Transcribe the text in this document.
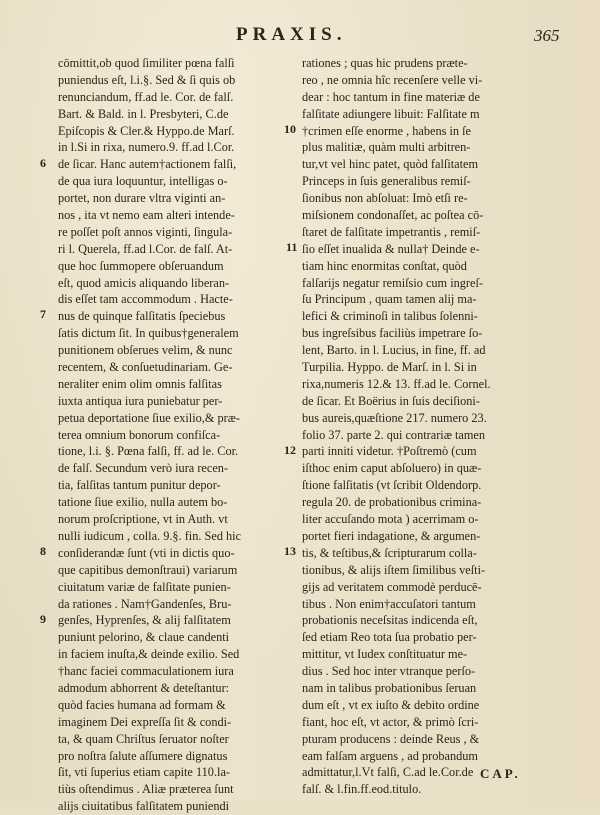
PRAXIS.	365
cōmittit,ob quod ſimiliter pœna falſi
puniendus eſt, l.i.§. Sed & ſi quis ob
renunciandum, ff.ad le. Cor. de falſ.
Bart. & Bald. in l. Presbyteri, C.de
Epiſcopis & Cler.& Hyppo.de Marſ.
in l.Si in rixa, numero.9. ff.ad l.Cor.
de ſicar. Hanc autem†actionem falſi,
de qua iura loquuntur, intelligas o-
portet, non durare vltra viginti an-
nos , ita vt nemo eam alteri intende-
re poſſet poſt annos viginti, ſingula-
ri l. Querela, ff.ad l.Cor. de falſ. At-
que hoc ſummopere obſeruandum
eſt, quod amicis aliquando liberan-
dis eſſet tam accommodum . Hacte-
nus de quinque falſitatis ſpeciebus
ſatis dictum ſit. In quibus†generalem
punitionem obſerues velim, & nunc
recentem, & conſuetudinariam. Ge-
neraliter enim olim omnis falſitas
iuxta antiqua iura puniebatur per-
petua deportatione ſiue exilio,& præ-
terea omnium bonorum confiſca-
tione, l.i. §. Pœna falſi, ff. ad le. Cor.
de falſ. Secundum verò iura recen-
tia, falſitas tantum punitur depor-
tatione ſiue exilio, nulla autem bo-
norum proſcriptione, vt in Auth. vt
nulli iudicum , colla. 9.§. fin. Sed hic
conſiderandæ ſunt (vti in dictis quo-
que capitibus demonſtraui) variarum
ciuitatum variæ de falſitate punien-
da rationes . Nam†Gandenſes, Bru-
genſes, Hyprenſes, & alij falſitatem
puniunt pelorino, & claue candenti
in faciem inuſta,& deinde exilio. Sed
†hanc faciei commaculationem iura
admodum abhorrent & deteſtantur:
quòd facies humana ad formam &
imaginem Dei expreſſa ſit & condi-
ta, & quam Chriſtus ſeruator noſter
pro noſtra ſalute aſſumere dignatus
ſit, vti ſuperius etiam capite 110.la-
tiùs oſtendimus . Aliæ præterea ſunt
alijs ciuitatibus falſitatem puniendi
rationes ; quas hic prudens præte-
reo , ne omnia hîc recenſere velle vi-
dear : hoc tantum in fine materiæ de
falſitate adiungere libuit: Falſitate m
†crimen eſſe enorme , habens in ſe
plus malitiæ, quàm multi arbitren-
tur,vt vel hinc patet, quòd falſitatem
Princeps in ſuis generalibus remiſ-
ſionibus non abſoluat: Imò etſi re-
miſsionem condonaſſet, ac poſtea cō-
ſtaret de falſitate impetrantis , remiſ-
ſio eſſet inualida & nulla† Deinde e-
tiam hinc enormitas conſtat, quòd
falſarijs negatur remiſsio cum ingreſ-
ſu Principum , quam tamen alij ma-
lefici & criminoſi in talibus ſolenni-
bus ingreſsibus faciliùs impetrare ſo-
lent, Barto. in l. Lucius, in fine, ff. ad
Turpilia. Hyppo. de Marſ. in l. Si in
rixa,numeris 12.& 13. ff.ad le. Cornel.
de ſicar. Et Boërius in ſuis deciſioni-
bus aureis,quæſtione 217. numero 23.
folio 37. parte 2. qui contrariæ tamen
parti inniti videtur. †Poſtremò (cum
iſthoc enim caput abſoluero) in quæ-
ſtione falſitatis (vt ſcribit Oldendorp.
regula 20. de probationibus crimina-
liter accuſando mota ) acerrimam o-
portet fieri indagatione, & argumen-
tis, & teſtibus,& ſcripturarum colla-
tionibus, & alijs iſtem ſimilibus veſti-
gijs ad veritatem commodè perducē-
tibus . Non enim†accuſatori tantum
probationis neceſsitas indicenda eſt,
ſed etiam Reo tota ſua probatio per-
mittitur, vt Iudex conſtituatur me-
dius . Sed hoc inter vtranque perſo-
nam in talibus probationibus ſeruan
dum eſt , vt ex iuſto & debito ordine
fiant, hoc eſt, vt actor, & primò ſcri-
pturam producens : deinde Reus , &
eam falſam arguens , ad probandum
admittatur,l.Vt falſi, C.ad le.Cor.de
falſ. & l.fin.ff.eod.titulo.
6
7
8
9
10
11
12
13
CAP.
